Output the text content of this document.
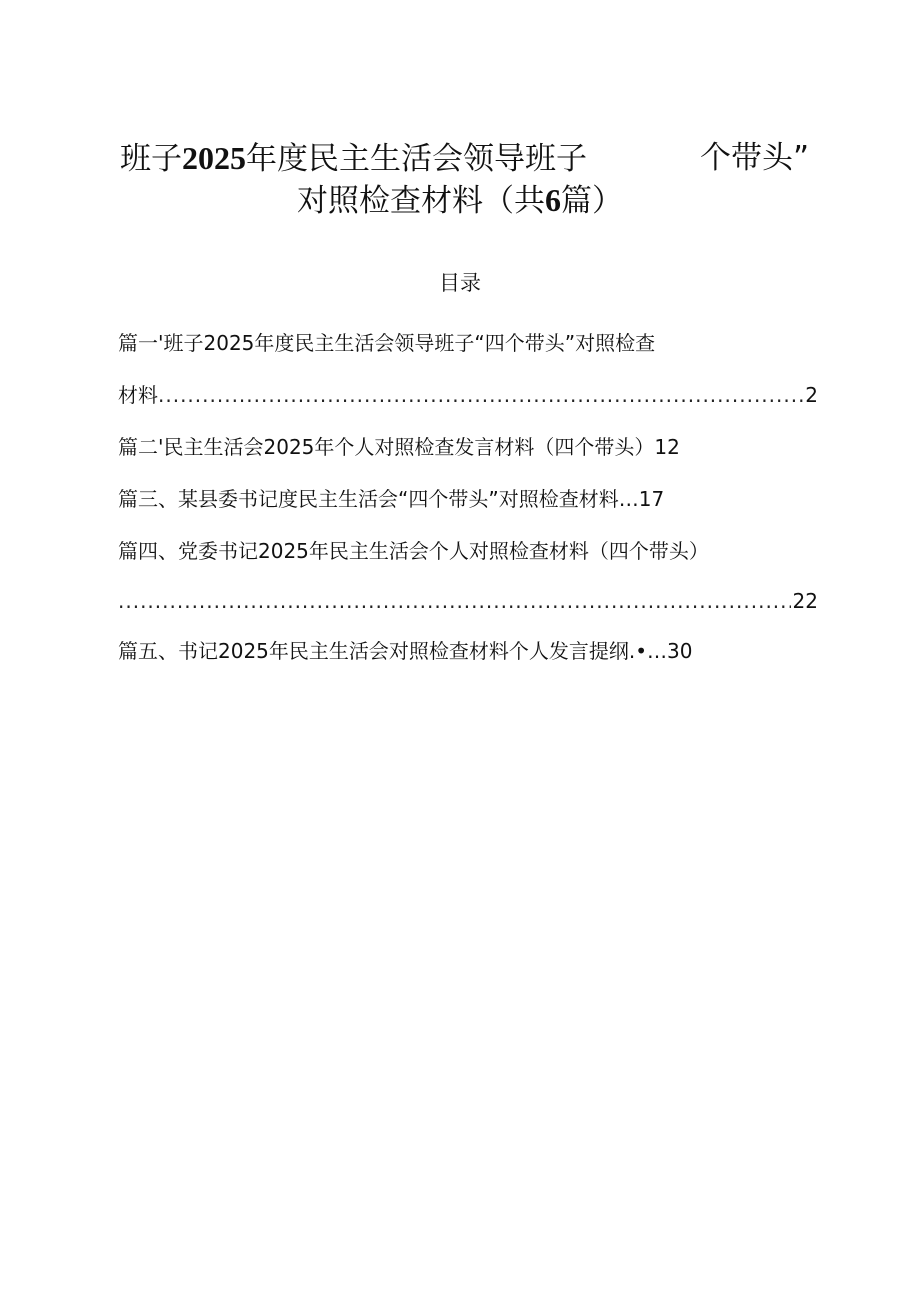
班子2025年度民主生活会领导班子	个带头”
对照检查材料（共6篇）
目录
篇一'班子2025年度民主生活会领导班子“四个带头”对照检查
材料 .....	2
篇二'民主生活会2025年个人对照检查发言材料（四个带头）12
篇三、某县委书记度民主生活会“四个带头”对照检查材料…17
篇四、党委书记2025年民主生活会个人对照检查材料（四个带头）
.....
22
篇五、书记2025年民主生活会对照检查材料个人发言提纲.•…30
